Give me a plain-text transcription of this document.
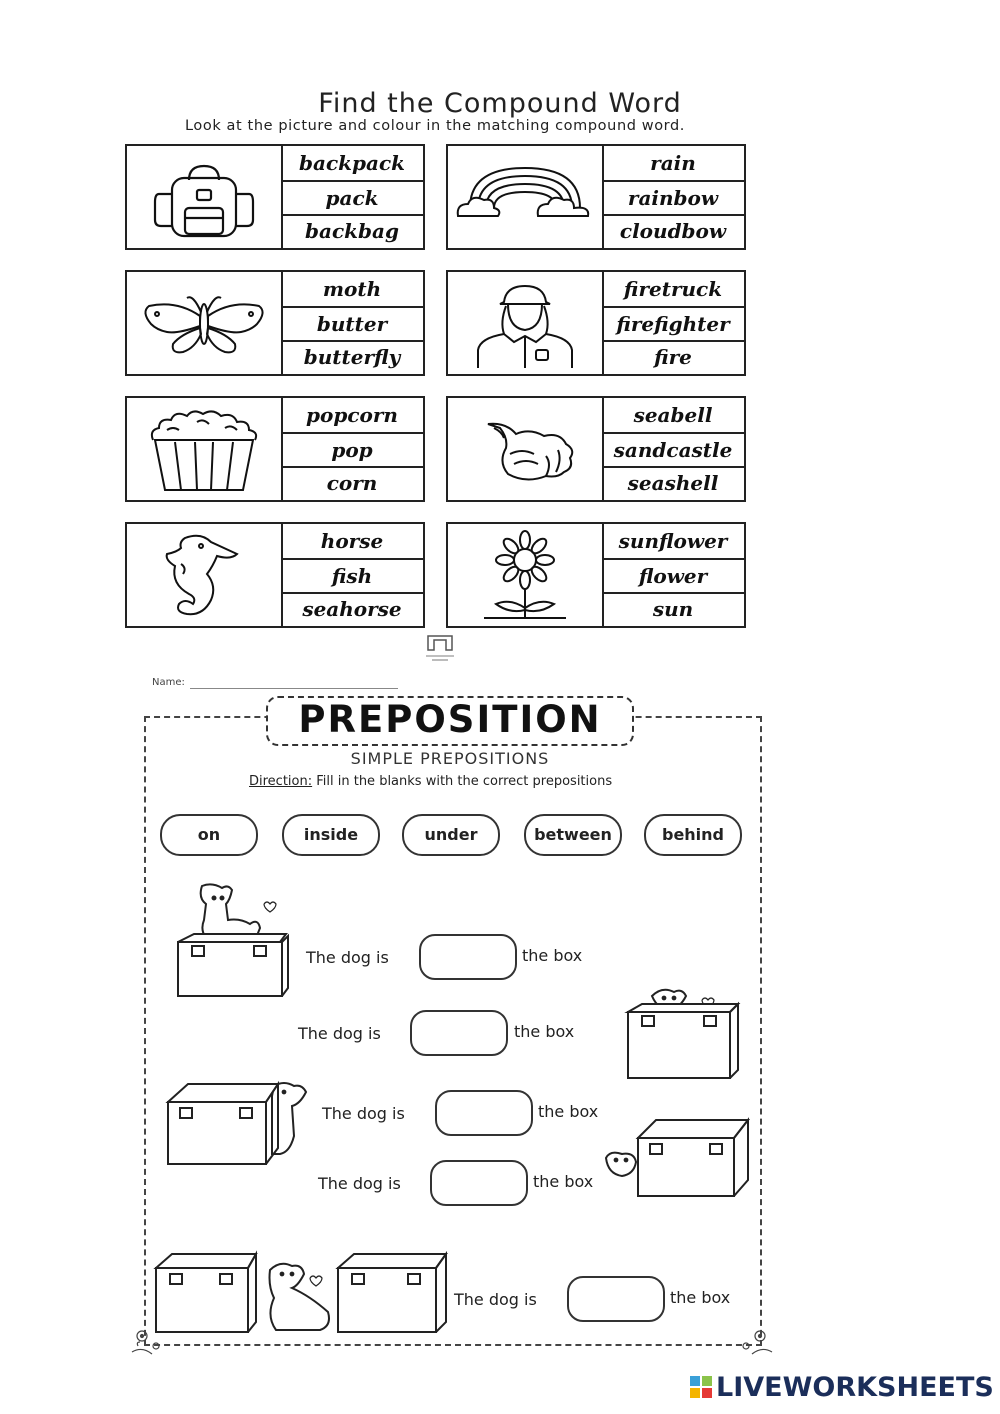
Find the Compound Word
Look at the picture and colour in the matching compound word.
backpack
pack
backbag
rain
rainbow
cloudbow
moth
butter
butterfly
firetruck
firefighter
fire
popcorn
pop
corn
seabell
sandcastle
seashell
horse
fish
seahorse
sunflower
flower
sun
Name:
PREPOSITION
SIMPLE PREPOSITIONS
Direction: Fill in the blanks with the correct prepositions
on	inside	under	between	behind
The dog is	the box
The dog is	the box
The dog is	the box
The dog is	the box
The dog is	the box
LIVEWORKSHEETS
